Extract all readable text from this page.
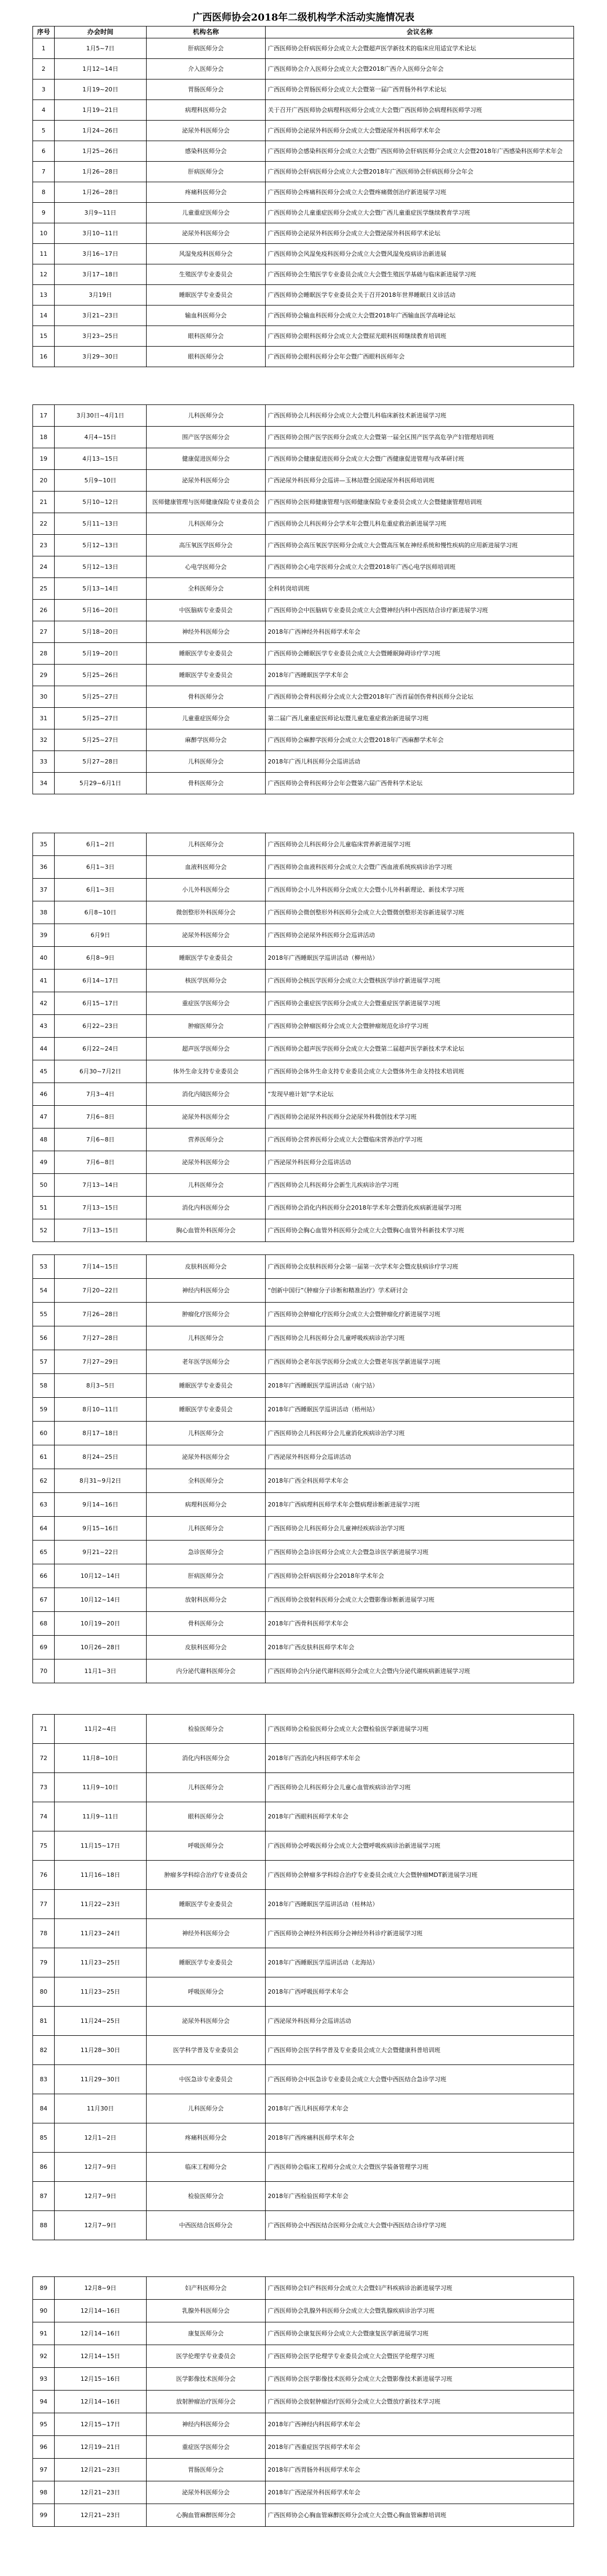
广西医师协会2018年二级机构学术活动实施情况表
序号	办会时间	机构名称	会议名称
1	1月5~7日	肝病医师分会	广西医师协会肝病医师分会成立大会暨超声医学新技术的临床应用适宜学术论坛
2	1月12~14日	介入医师分会	广西医师协会介入医师分会成立大会暨2018广西介入医师分会年会
3	1月19~20日	胃肠医师分会	广西医师协会胃肠医师分会成立大会暨第一届广西胃肠外科学术论坛
4	1月19~21日	病理科医师分会	关于召开广西医师协会病理科医师分会成立大会暨广西医师协会病理科医师学习班
5	1月24~26日	泌尿外科医师分会	广西医师协会泌尿外科医师分会成立大会暨泌尿外科医师学术年会
6	1月25~26日	感染科医师分会	广西医师协会感染科医师分会成立大会暨广西医师协会肝病医师分会成立大会暨2018年广西感染科医师学术年会
7	1月26~28日	肝病医师分会	广西医师协会肝病医师分会成立大会暨2018年广西医师协会肝病医师分会年会
8	1月26~28日	疼痛科医师分会	广西医师协会疼痛科医师分会成立大会暨疼痛微创治疗新进展学习班
9	3月9~11日	儿童重症医师分会	广西医师协会儿童重症医师分会成立大会暨广西儿童重症医学继续教育学习班
10	3月10~11日	泌尿外科医师分会	广西医师协会泌尿外科医师分会成立大会暨泌尿外科医师学术论坛
11	3月16~17日	风湿免疫科医师分会	广西医师协会风湿免疫科医师分会成立大会暨风湿免疫病诊治新进展
12	3月17~18日	生殖医学专业委员会	广西医师协会生殖医学专业委员会成立大会暨生殖医学基础与临床新进展学习班
13	3月19日	睡眠医学专业委员会	广西医师协会睡眠医学专业委员会关于召开2018年世界睡眠日义诊活动
14	3月21~23日	输血科医师分会	广西医师协会输血科医师分会成立大会暨2018年广西输血医学高峰论坛
15	3月23~25日	眼科医师分会	广西医师协会眼科医师分会成立大会暨屈光眼科医师继续教育培训班
16	3月29~30日	眼科医师分会	广西医师协会眼科医师分会年会暨广西眼科医师年会
17	3月30日~4月1日	儿科医师分会	广西医师协会儿科医师分会成立大会暨儿科临床新技术新进展学习班
18	4月4~15日	围产医学医师分会	广西医师协会围产医学医师分会成立大会暨第一届全区围产医学高危孕产妇管理培训班
19	4月13~15日	健康促进医师分会	广西医师协会健康促进医师分会成立大会暨广西健康促进管理与改革研讨班
20	5月9~10日	泌尿外科医师分会	广西泌尿外科医师分会巡讲—玉林站暨全国泌尿外科医师培训班
21	5月10~12日	医师健康管理与医师健康保险专业委员会	广西医师协会医师健康管理与医师健康保险专业委员会成立大会暨健康管理培训班
22	5月11~13日	儿科医师分会	广西医师协会儿科医师分会学术年会暨儿科危重症救治新进展学习班
23	5月12~13日	高压氧医学医师分会	广西医师协会高压氧医学医师分会成立大会暨高压氧在神经系统和慢性疾病的应用新进展学习班
24	5月12~13日	心电学医师分会	广西医师协会心电学医师分会成立大会暨2018年广西心电学医师培训班
25	5月13~14日	全科医师分会	全科转岗培训班
26	5月16~20日	中医脑病专业委员会	广西医师协会中医脑病专业委员会成立大会暨神经内科中西医结合诊疗新进展学习班
27	5月18~20日	神经外科医师分会	2018年广西神经外科医师学术年会
28	5月19~20日	睡眠医学专业委员会	广西医师协会睡眠医学专业委员会成立大会暨睡眠障碍诊疗学习班
29	5月25~26日	睡眠医学专业委员会	2018年广西睡眠医学学术年会
30	5月25~27日	骨科医师分会	广西医师协会骨科医师分会成立大会暨2018年广西首届创伤骨科医师分会论坛
31	5月25~27日	儿童重症医师分会	第二届广西儿童重症医师论坛暨儿童危重症救治新进展学习班
32	5月25~27日	麻醉学医师分会	广西医师协会麻醉学医师分会成立大会暨2018年广西麻醉学术年会
33	5月27~28日	儿科医师分会	2018年广西儿科医师分会巡讲活动
34	5月29~6月1日	骨科医师分会	广西医师协会骨科医师分会年会暨第六届广西骨科学术论坛
35	6月1~2日	儿科医师分会	广西医师协会儿科医师分会儿童临床营养新进展学习班
36	6月1~3日	血液科医师分会	广西医师协会血液科医师分会成立大会暨广西血液系统疾病诊治学习班
37	6月1~3日	小儿外科医师分会	广西医师协会小儿外科医师分会成立大会暨小儿外科新理论、新技术学习班
38	6月8~10日	微创整形外科医师分会	广西医师协会微创整形外科医师分会成立大会暨微创整形美容新进展学习班
39	6月9日	泌尿外科医师分会	广西医师协会泌尿外科医师分会巡讲活动
40	6月8~9日	睡眠医学专业委员会	2018年广西睡眠医学巡讲活动（柳州站）
41	6月14~17日	核医学医师分会	广西医师协会核医学医师分会成立大会暨核医学诊疗新进展学习班
42	6月15~17日	重症医学医师分会	广西医师协会重症医学医师分会成立大会暨重症医学新进展学习班
43	6月22~23日	肿瘤医师分会	广西医师协会肿瘤医师分会成立大会暨肿瘤规范化诊疗学习班
44	6月22~24日	超声医学医师分会	广西医师协会超声医学医师分会成立大会暨第二届超声医学新技术学术论坛
45	6月30~7月2日	体外生命支持专业委员会	广西医师协会体外生命支持专业委员会成立大会暨体外生命支持技术培训班
46	7月3~4日	消化内镜医师分会	“发现早癌计划”学术论坛
47	7月6~8日	泌尿外科医师分会	广西医师协会泌尿外科医师分会泌尿外科微创技术学习班
48	7月6~8日	营养医师分会	广西医师协会营养医师分会成立大会暨临床营养治疗学习班
49	7月6~8日	泌尿外科医师分会	广西泌尿外科医师分会巡讲活动
50	7月13~14日	儿科医师分会	广西医师协会儿科医师分会新生儿疾病诊治学习班
51	7月13~15日	消化内科医师分会	广西医师协会消化内科医师分会2018年学术年会暨消化疾病新进展学习班
52	7月13~15日	胸心血管外科医师分会	广西医师协会胸心血管外科医师分会成立大会暨胸心血管外科新技术学习班
53	7月14~15日	皮肤科医师分会	广西医师协会皮肤科医师分会第一届第一次学术年会暨皮肤病诊疗学习班
54	7月20~22日	神经内科医师分会	“创新中国行”《肿瘤分子诊断和精准治疗》学术研讨会
55	7月26~28日	肿瘤化疗医师分会	广西医师协会肿瘤化疗医师分会成立大会暨肿瘤化疗新进展学习班
56	7月27~28日	儿科医师分会	广西医师协会儿科医师分会儿童呼吸疾病诊治学习班
57	7月27~29日	老年医学医师分会	广西医师协会老年医学医师分会成立大会暨老年医学新进展学习班
58	8月3~5日	睡眠医学专业委员会	2018年广西睡眠医学巡讲活动（南宁站）
59	8月10~11日	睡眠医学专业委员会	2018年广西睡眠医学巡讲活动（梧州站）
60	8月17~18日	儿科医师分会	广西医师协会儿科医师分会儿童消化疾病诊治学习班
61	8月24~25日	泌尿外科医师分会	广西泌尿外科医师分会巡讲活动
62	8月31~9月2日	全科医师分会	2018年广西全科医师学术年会
63	9月14~16日	病理科医师分会	2018年广西病理科医师学术年会暨病理诊断新进展学习班
64	9月15~16日	儿科医师分会	广西医师协会儿科医师分会儿童神经疾病诊治学习班
65	9月21~22日	急诊医师分会	广西医师协会急诊医师分会成立大会暨急诊医学新进展学习班
66	10月12~14日	肝病医师分会	广西医师协会肝病医师分会2018年学术年会
67	10月12~14日	放射科医师分会	广西医师协会放射科医师分会成立大会暨影像诊断新进展学习班
68	10月19~20日	骨科医师分会	2018年广西骨科医师学术年会
69	10月26~28日	皮肤科医师分会	2018年广西皮肤科医师学术年会
70	11月1~3日	内分泌代谢科医师分会	广西医师协会内分泌代谢科医师分会成立大会暨内分泌代谢疾病新进展学习班
71	11月2~4日	检验医师分会	广西医师协会检验医师分会成立大会暨检验医学新进展学习班
72	11月8~10日	消化内科医师分会	2018年广西消化内科医师学术年会
73	11月9~10日	儿科医师分会	广西医师协会儿科医师分会儿童心血管疾病诊治学习班
74	11月9~11日	眼科医师分会	2018年广西眼科医师学术年会
75	11月15~17日	呼吸医师分会	广西医师协会呼吸医师分会成立大会暨呼吸疾病诊治新进展学习班
76	11月16~18日	肿瘤多学科综合治疗专业委员会	广西医师协会肿瘤多学科综合治疗专业委员会成立大会暨肿瘤MDT新进展学习班
77	11月22~23日	睡眠医学专业委员会	2018年广西睡眠医学巡讲活动（桂林站）
78	11月23~24日	神经外科医师分会	广西医师协会神经外科医师分会神经外科诊疗新进展学习班
79	11月23~25日	睡眠医学专业委员会	2018年广西睡眠医学巡讲活动（北海站）
80	11月23~25日	呼吸医师分会	2018年广西呼吸医师学术年会
81	11月24~25日	泌尿外科医师分会	广西泌尿外科医师分会巡讲活动
82	11月28~30日	医学科学普及专业委员会	广西医师协会医学科学普及专业委员会成立大会暨健康科普培训班
83	11月29~30日	中医急诊专业委员会	广西医师协会中医急诊专业委员会成立大会暨中西医结合急诊学习班
84	11月30日	儿科医师分会	2018年广西儿科医师学术年会
85	12月1~2日	疼痛科医师分会	2018年广西疼痛科医师学术年会
86	12月7~9日	临床工程师分会	广西医师协会临床工程师分会成立大会暨医学装备管理学习班
87	12月7~9日	检验医师分会	2018年广西检验医师学术年会
88	12月7~9日	中西医结合医师分会	广西医师协会中西医结合医师分会成立大会暨中西医结合诊疗学习班
89	12月8~9日	妇产科医师分会	广西医师协会妇产科医师分会成立大会暨妇产科疾病诊治新进展学习班
90	12月14~16日	乳腺外科医师分会	广西医师协会乳腺外科医师分会成立大会暨乳腺疾病诊治学习班
91	12月14~16日	康复医师分会	广西医师协会康复医师分会成立大会暨康复医学新进展学习班
92	12月14~15日	医学伦理学专业委员会	广西医师协会医学伦理学专业委员会成立大会暨医学伦理学习班
93	12月15~16日	医学影像技术医师分会	广西医师协会医学影像技术医师分会成立大会暨影像技术新进展学习班
94	12月14~16日	放射肿瘤治疗医师分会	广西医师协会放射肿瘤治疗医师分会成立大会暨放疗新技术学习班
95	12月15~17日	神经内科医师分会	2018年广西神经内科医师学术年会
96	12月19~21日	重症医学医师分会	2018年广西重症医学医师学术年会
97	12月21~23日	胃肠医师分会	2018年广西胃肠外科医师学术年会
98	12月21~23日	泌尿外科医师分会	2018年广西泌尿外科医师学术年会
99	12月21~23日	心胸血管麻醉医师分会	广西医师协会心胸血管麻醉医师分会成立大会暨心胸血管麻醉培训班
